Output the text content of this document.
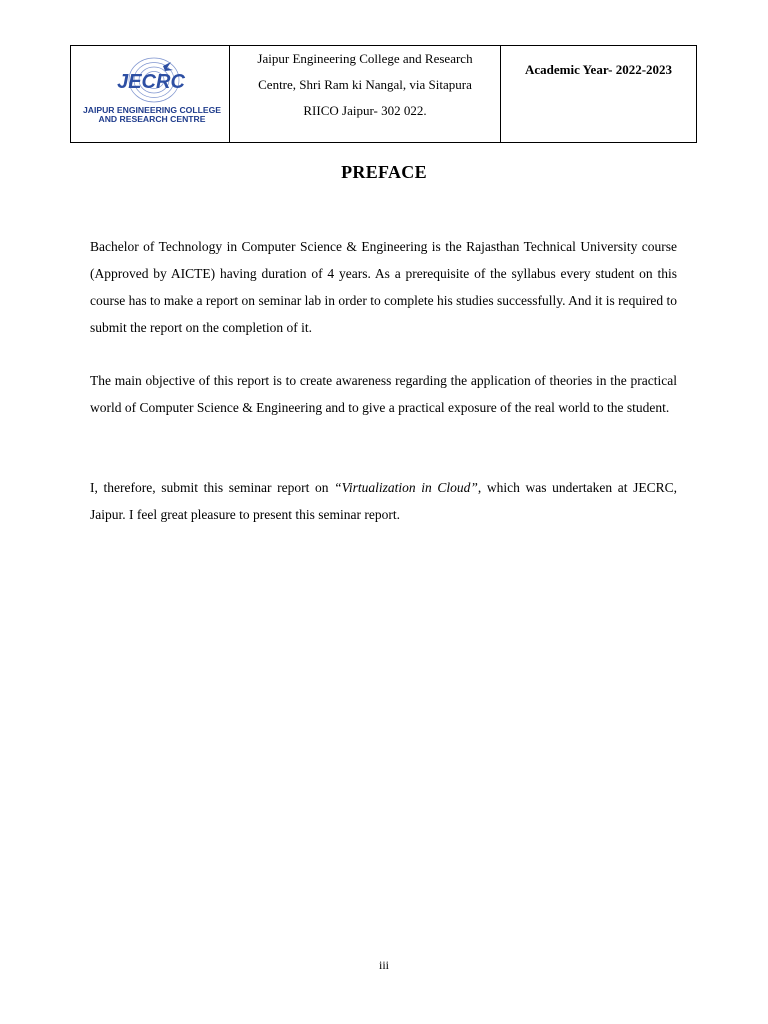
JECRC
JAIPUR ENGINEERING COLLEGE
AND RESEARCH CENTRE

Jaipur Engineering College and Research
Centre, Shri Ram ki Nangal, via Sitapura
RIICO Jaipur- 302 022.
	Academic Year- 2022-2023
PREFACE

Bachelor of Technology in Computer Science & Engineering is the Rajasthan Technical University course (Approved by AICTE) having duration of 4 years. As a prerequisite of the syllabus every student on this course has to make a report on seminar lab in order to complete his studies successfully. And it is required to submit the report on the completion of it.

The main objective of this report is to create awareness regarding the application of theories in the practical world of Computer Science & Engineering and to give a practical exposure of the real world to the student.

I, therefore, submit this seminar report on “Virtualization in Cloud”, which was undertaken at JECRC, Jaipur. I feel great pleasure to present this seminar report.

iii
